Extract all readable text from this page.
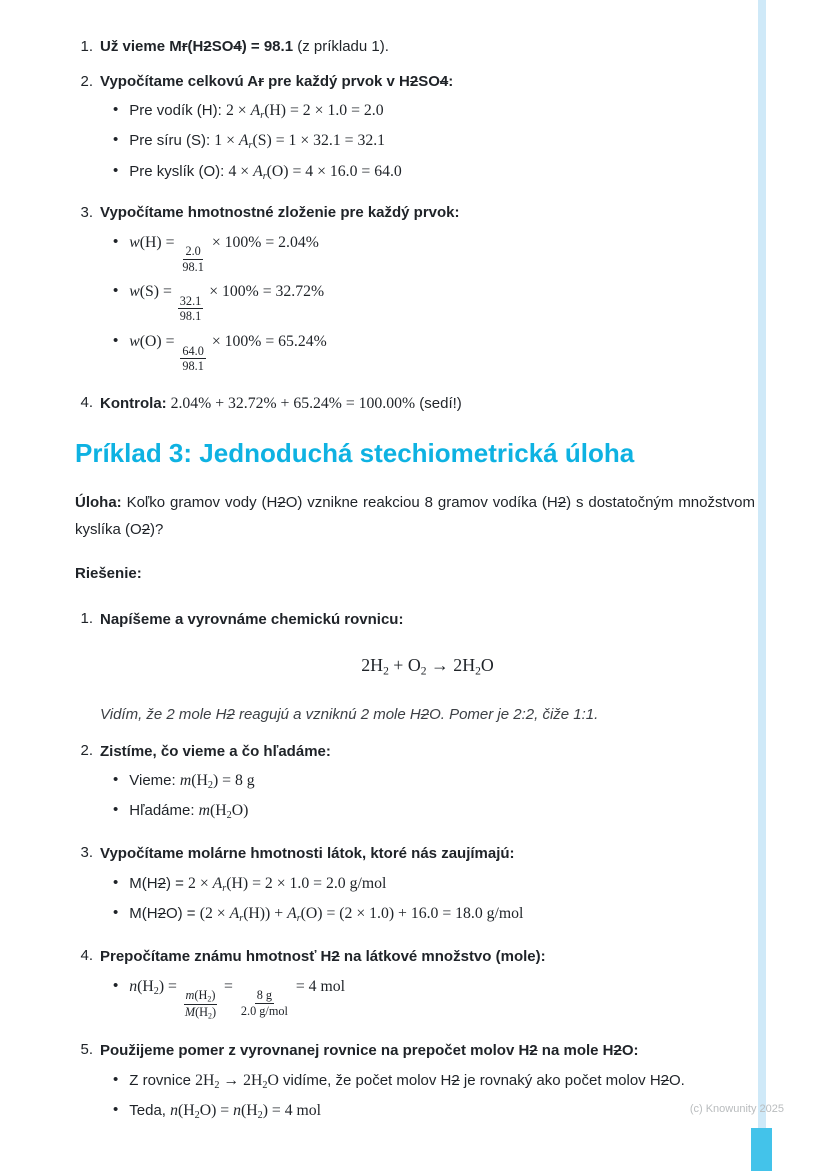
1. Už vieme Mr(H2SO4) = 98.1 (z príkladu 1).
2. Vypočítame celkovú Ar pre každý prvok v H2SO4:
• Pre vodík (H): $2 \times A_r(H) = 2 \times 1.0 = 2.0$
• Pre síru (S): $1 \times A_r(S) = 1 \times 32.1 = 32.1$
• Pre kyslík (O): $4 \times A_r(O) = 4 \times 16.0 = 64.0$
3. Vypočítame hmotnostné zloženie pre každý prvok:
• w(H) =
$\frac{2.0}{98.1}$
× 100% = 2.04%
• w(S) =
$\frac{32.1}{98.1}$
× 100% = 32.72%
• w(O) =
$\frac{64.0}{98.1}$
× 100% = 65.24%
4. Kontrola: 2.04% + 32.72% + 65.24% = 100.00% (sedí!)
Príklad 3: Jednoduchá stechiometrická úloha
Úloha: Koľko gramov vody (H2O) vznikne reakciou 8 gramov vodíka (H2) s dostatočným množstvom kyslíka (O2)?
Riešenie:
1. Napíšeme a vyrovnáme chemickú rovnicu:
$2H_2 + O_2 \to 2H_2O$
Vidím, že 2 mole H2 reagujú a vzniknú 2 mole H2O. Pomer je 2:2, čiže 1:1.
2. Zistíme, čo vieme a čo hľadáme:
• Vieme: $m(H_2) = 8$ g
• Hľadáme: $m(H_2O)$
3. Vypočítame molárne hmotnosti látok, ktoré nás zaujímajú:
• $M(H2) = 2 \times A_r(H) = 2 \times 1.0 = 2.0$ g/mol
• $M(H2O) = (2 \times A_r(H)) + A_r(O) = (2 \times 1.0) + 16.0 = 18.0$ g/mol
4. Prepočítame známu hmotnosť H2 na látkové množstvo (mole):
• $n(H_2)$ =
$\frac{m(H_2)}{M(H_2)}$
=
$\frac{8 g}{\text{2.0 g/mol}}$
= 4 mol
5. Použijeme pomer z vyrovnanej rovnice na prepočet molov H2 na mole H2O:
• Z rovnice $2H_2 \to 2H_2O$ vidíme, že počet molov H2 je rovnaký ako počet molov H2O.
• Teda, $n(H_2O) = n(H_2) = 4$ mol	(c) Knowunity 2025
